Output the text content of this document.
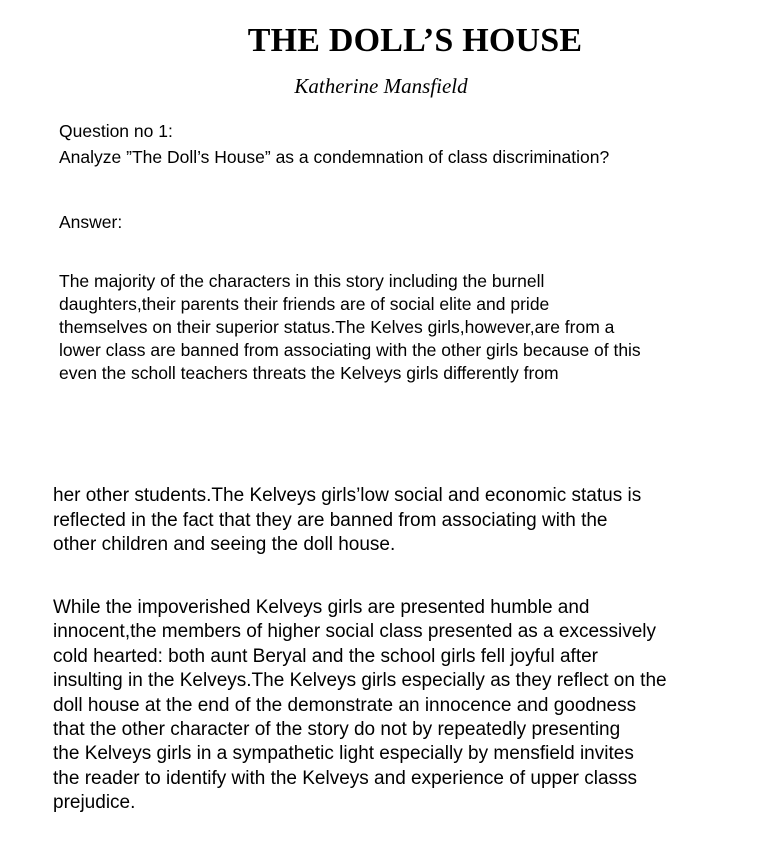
THE DOLL’S HOUSE
Katherine Mansfield
Question no 1:
Analyze ”The Doll’s House” as a condemnation of class discrimination?
Answer:
The majority of the characters in this story including the burnell
daughters,their parents their friends are of social elite and pride
themselves on their superior status.The Kelves girls,however,are from a
lower class are banned from associating with the other girls because of this
even the scholl teachers threats the Kelveys girls differently from
her other students.The Kelveys girls’low social and economic status is
reflected in the fact that they are banned from associating with the
other children and seeing the doll house.
While the impoverished Kelveys girls are presented humble and
innocent,the members of higher social class presented as a excessively
cold hearted: both aunt Beryal and the school girls fell joyful after
insulting in the Kelveys.The Kelveys girls especially as they reflect on the
doll house at the end of the demonstrate an innocence and goodness
that the other character of the story do not by repeatedly presenting
the Kelveys girls in a sympathetic light especially by mensfield invites
the reader to identify with the Kelveys and experience of upper classs
prejudice.
